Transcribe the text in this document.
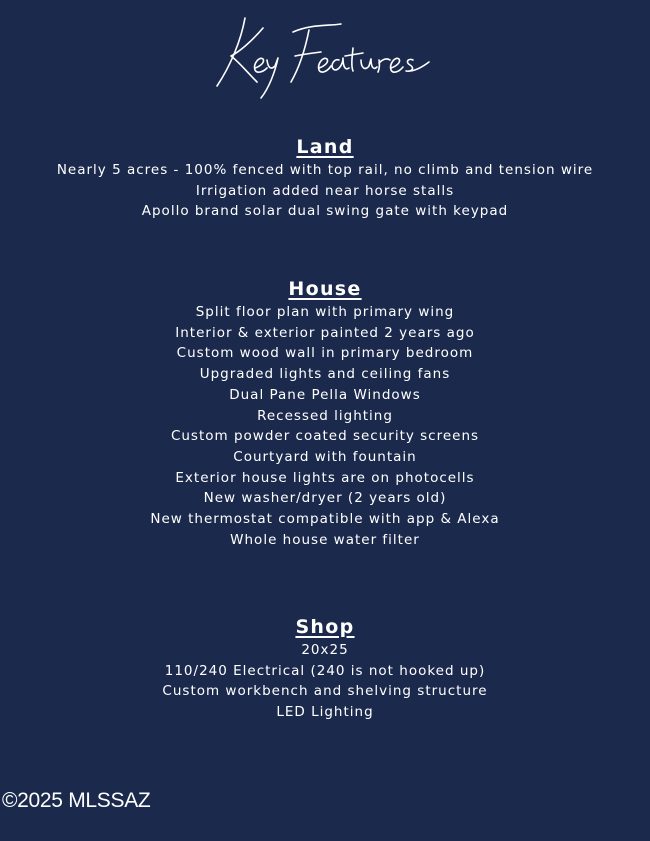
Land
Nearly 5 acres - 100% fenced with top rail, no climb and tension wire
Irrigation added near horse stalls
Apollo brand solar dual swing gate with keypad
House
Split floor plan with primary wing
Interior & exterior painted 2 years ago
Custom wood wall in primary bedroom
Upgraded lights and ceiling fans
Dual Pane Pella Windows
Recessed lighting
Custom powder coated security screens
Courtyard with fountain
Exterior house lights are on photocells
New washer/dryer (2 years old)
New thermostat compatible with app & Alexa
Whole house water filter
Shop
20x25
110/240 Electrical (240 is not hooked up)
Custom workbench and shelving structure
LED Lighting
©2025 MLSSAZ
